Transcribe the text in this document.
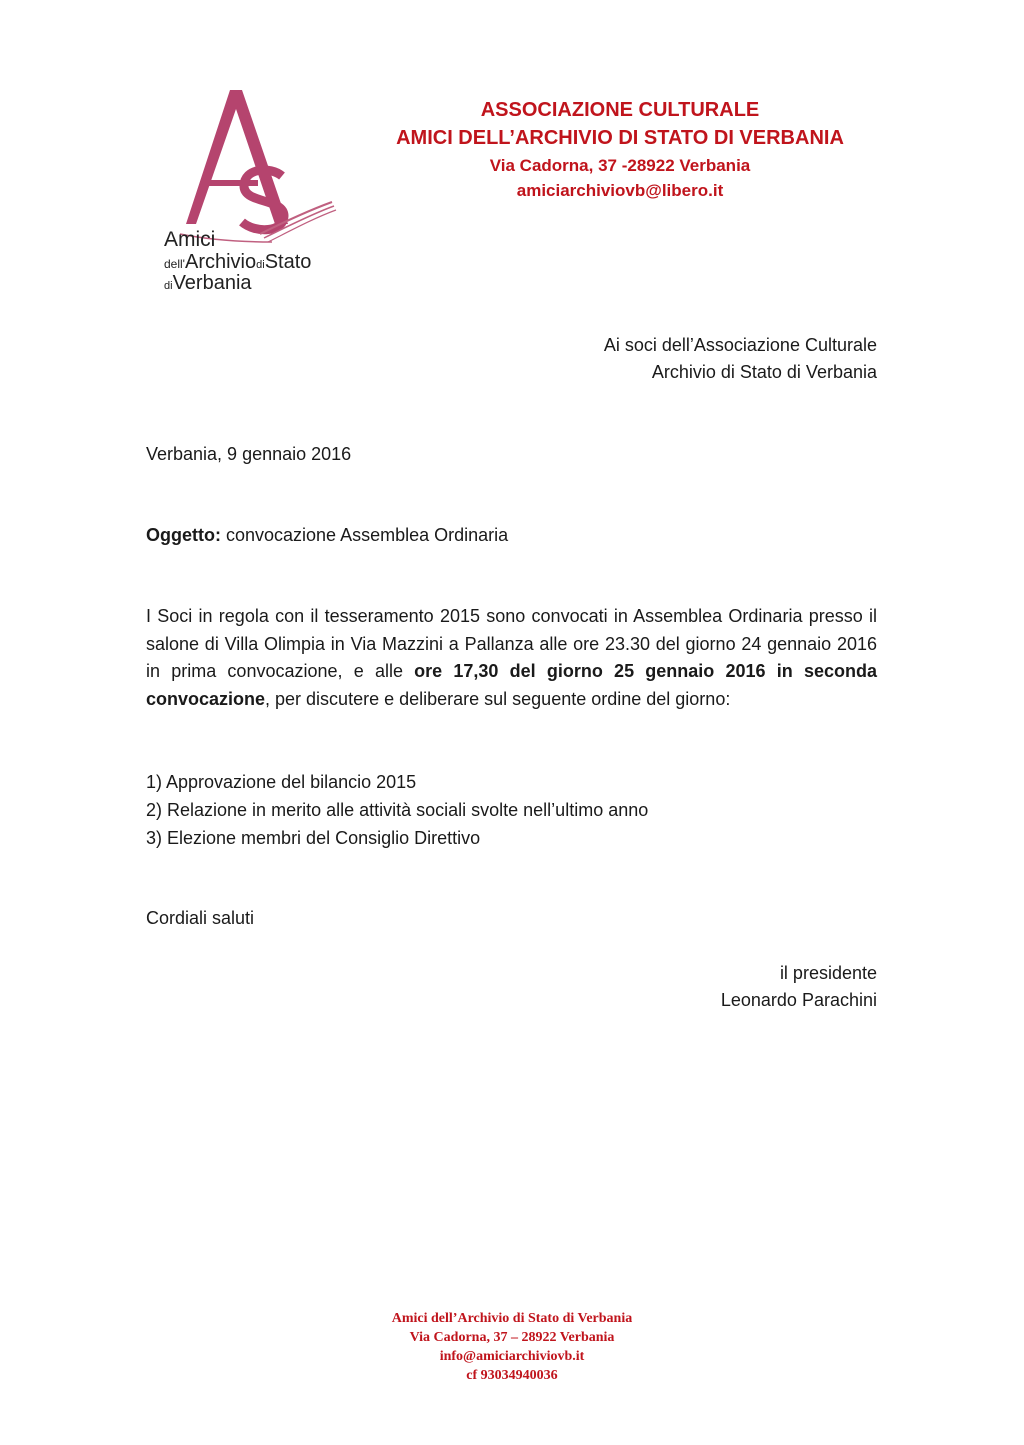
Amici
dell'ArchiviodiStato
diVerbania
ASSOCIAZIONE CULTURALE
AMICI DELL’ARCHIVIO DI STATO DI VERBANIA
Via Cadorna, 37 -28922 Verbania
amiciarchiviovb@libero.it
Ai soci dell’Associazione Culturale
Archivio di Stato di Verbania
Verbania, 9 gennaio 2016
Oggetto: convocazione Assemblea Ordinaria
I Soci in regola con il tesseramento 2015 sono convocati in Assemblea Ordinaria presso il salone di Villa Olimpia in Via Mazzini a Pallanza alle ore 23.30 del giorno 24 gennaio 2016 in prima convocazione, e alle ore 17,30 del giorno 25 gennaio 2016 in seconda convocazione, per discutere e deliberare sul seguente ordine del giorno:
1) Approvazione del bilancio 2015
2) Relazione in merito alle attività sociali svolte nell’ultimo anno
3) Elezione membri del Consiglio Direttivo
Cordiali saluti
il presidente
Leonardo Parachini
Amici dell’Archivio di Stato di Verbania
Via Cadorna, 37 – 28922 Verbania
info@amiciarchiviovb.it
cf 93034940036
